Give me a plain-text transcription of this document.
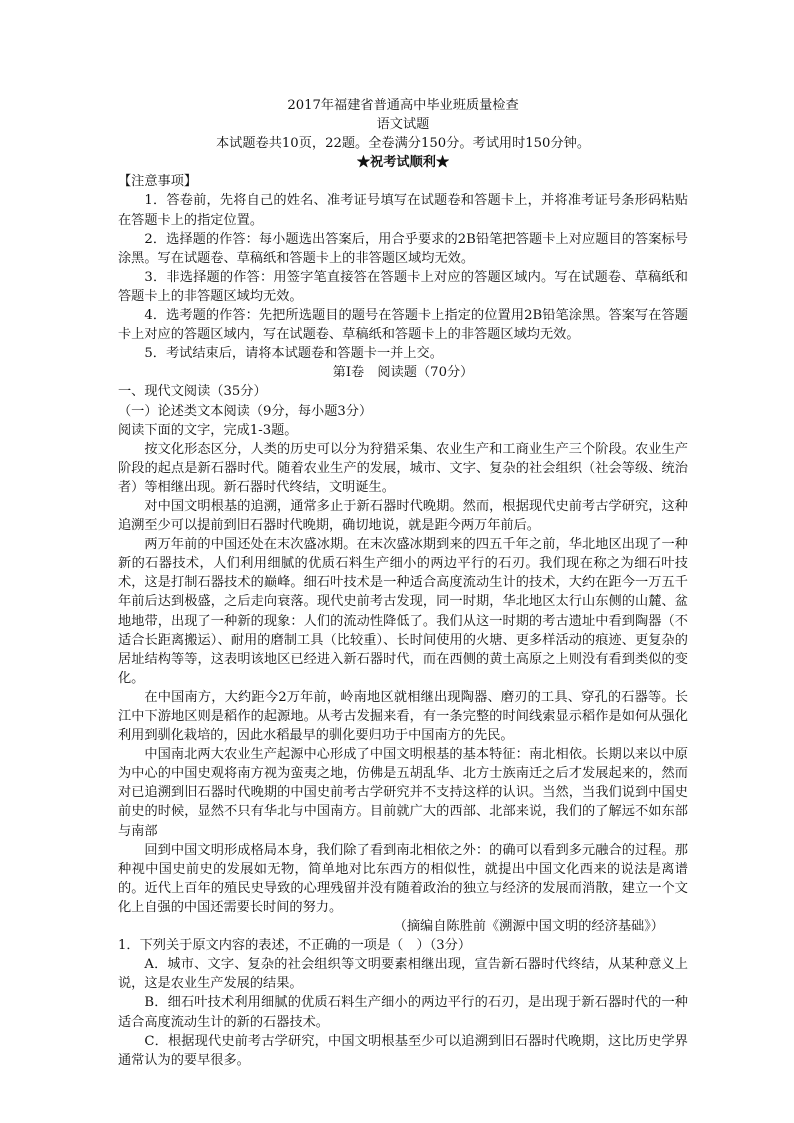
2017年福建省普通高中毕业班质量检查

语文试题

本试题卷共10页，22题。全卷满分150分。考试用时150分钟。

★祝考试顺利★

【注意事项】

1．答卷前，先将自己的姓名、准考证号填写在试题卷和答题卡上，并将准考证号条形码粘贴在答题卡上的指定位置。

2．选择题的作答：每小题选出答案后，用合乎要求的2B铅笔把答题卡上对应题目的答案标号涂黑。写在试题卷、草稿纸和答题卡上的非答题区域均无效。

3．非选择题的作答：用签字笔直接答在答题卡上对应的答题区域内。写在试题卷、草稿纸和答题卡上的非答题区域均无效。

4．选考题的作答：先把所选题目的题号在答题卡上指定的位置用2B铅笔涂黑。答案写在答题卡上对应的答题区域内，写在试题卷、草稿纸和答题卡上的非答题区域均无效。

5．考试结束后，请将本试题卷和答题卡一并上交。

第Ⅰ卷　阅读题（70分）

一、现代文阅读（35分）

（一）论述类文本阅读（9分，每小题3分）

阅读下面的文字，完成1-3题。

按文化形态区分，人类的历史可以分为狩猎采集、农业生产和工商业生产三个阶段。农业生产阶段的起点是新石器时代。随着农业生产的发展，城市、文字、复杂的社会组织（社会等级、统治者）等相继出现。新石器时代终结，文明诞生。

对中国文明根基的追溯，通常多止于新石器时代晚期。然而，根据现代史前考古学研究，这种追溯至少可以提前到旧石器时代晚期，确切地说，就是距今两万年前后。

两万年前的中国还处在末次盛冰期。在末次盛冰期到来的四五千年之前，华北地区出现了一种新的石器技术，人们利用细腻的优质石料生产细小的两边平行的石刃。我们现在称之为细石叶技术，这是打制石器技术的巅峰。细石叶技术是一种适合高度流动生计的技术，大约在距今一万五千年前后达到极盛，之后走向衰落。现代史前考古发现，同一时期，华北地区太行山东侧的山麓、盆地地带，出现了一种新的现象：人们的流动性降低了。我们从这一时期的考古遗址中看到陶器（不适合长距离搬运）、耐用的磨制工具（比较重）、长时间使用的火塘、更多样活动的痕迹、更复杂的居址结构等等，这表明该地区已经进入新石器时代，而在西侧的黄土高原之上则没有看到类似的变化。

在中国南方，大约距今2万年前，岭南地区就相继出现陶器、磨刃的工具、穿孔的石器等。长江中下游地区则是稻作的起源地。从考古发掘来看，有一条完整的时间线索显示稻作是如何从强化利用到驯化栽培的，因此水稻最早的驯化要归功于中国南方的先民。

中国南北两大农业生产起源中心形成了中国文明根基的基本特征：南北相依。长期以来以中原为中心的中国史观将南方视为蛮夷之地，仿佛是五胡乱华、北方士族南迁之后才发展起来的，然而对已追溯到旧石器时代晚期的中国史前考古学研究并不支持这样的认识。当然，当我们说到中国史前史的时候，显然不只有华北与中国南方。目前就广大的西部、北部来说，我们的了解远不如东部与南部

回到中国文明形成格局本身，我们除了看到南北相依之外：的确可以看到多元融合的过程。那种视中国史前史的发展如无物，简单地对比东西方的相似性，就提出中国文化西来的说法是离谱的。近代上百年的殖民史导致的心理残留并没有随着政治的独立与经济的发展而消散，建立一个文化上自强的中国还需要长时间的努力。

（摘编自陈胜前《溯源中国文明的经济基础》）

1．下列关于原文内容的表述，不正确的一项是（　）（3分）

A．城市、文字、复杂的社会组织等文明要素相继出现，宣告新石器时代终结，从某种意义上说，这是农业生产发展的结果。

B．细石叶技术利用细腻的优质石料生产细小的两边平行的石刃，是出现于新石器时代的一种适合高度流动生计的新的石器技术。

C．根据现代史前考古学研究，中国文明根基至少可以追溯到旧石器时代晚期，这比历史学界通常认为的要早很多。
